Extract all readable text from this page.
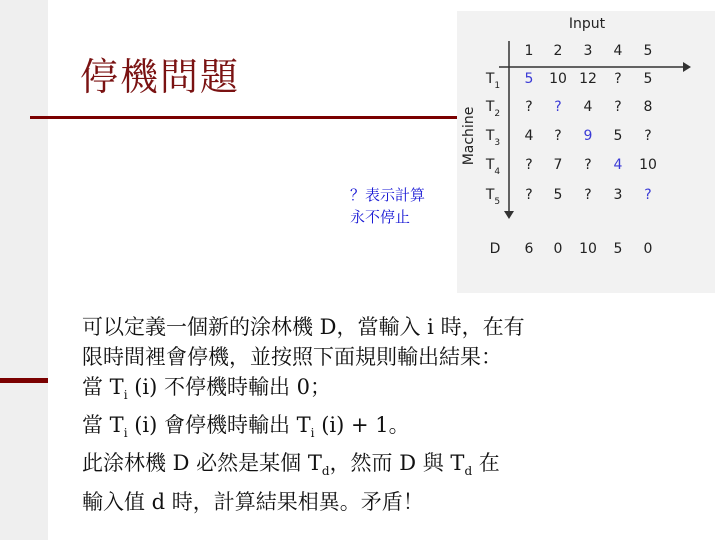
停機問題
？表示計算
永不停止
Input
Machine
1 2 3 4 5
$T_1$ 5 10 12 ? 5
$T_2$ ? ? 4 ? 8
$T_3$ 4 ? 9 5 ?
$T_4$ ? 7 ? 4 10
$T_5$ ? 5 ? 3 ?
D 6 0 10 5 0
可以定義一個新的涂林機 D，當輸入 i 時，在有
限時間裡會停機，並按照下面規則輸出結果：
當 $T_i$ (i) 不停機時輸出 0；
當 $T_i$ (i) 會停機時輸出 $T_i$ (i) + 1。
此涂林機 D 必然是某個 $T_d$，然而 D 與 $T_d$ 在
輸入值 d 時，計算結果相異。矛盾！
